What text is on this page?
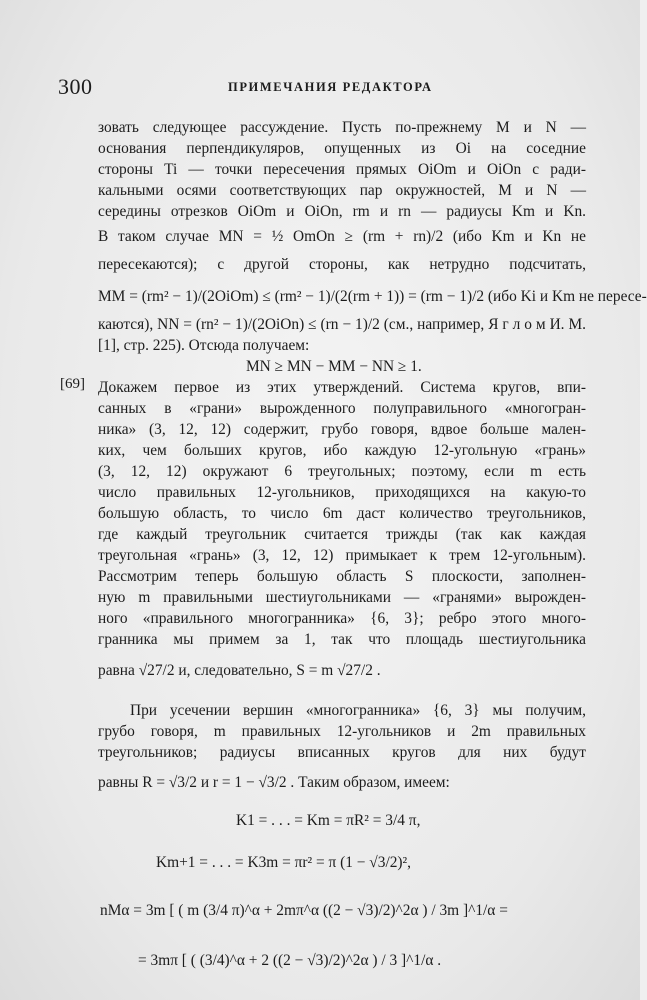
300	ПРИМЕЧАНИЯ РЕДАКТОРА
зовать следующее рассуждение. Пусть по-прежнему M и N —
основания перпендикуляров, опущенных из Oi на соседние
стороны Ti — точки пересечения прямых OiOm и OiOn с ради-
кальными осями соответствующих пар окружностей, M и N —
середины отрезков OiOm и OiOn, rm и rn — радиусы Km и Kn.
В таком случае MN = ½ OmOn ≥ (rm + rn)/2 (ибо Km и Kn не
пересекаются); с другой стороны, как нетрудно подсчитать,
MM = (rm² − 1)/(2OiOm) ≤ (rm² − 1)/(2(rm + 1)) = (rm − 1)/2 (ибо Ki и Km не пересе-
каются), NN = (rn² − 1)/(2OiOn) ≤ (rn − 1)/2 (см., например, Я г л о м И. М.
[1], стр. 225). Отсюда получаем:
MN ≥ MN − MM − NN ≥ 1.
[69] Докажем первое из этих утверждений. Система кругов, впи-
санных в «грани» вырожденного полуправильного «многогран-
ника» (3, 12, 12) содержит, грубо говоря, вдвое больше мален-
ких, чем больших кругов, ибо каждую 12-угольную «грань»
(3, 12, 12) окружают 6 треугольных; поэтому, если m есть
число правильных 12-угольников, приходящихся на какую-то
большую область, то число 6m даст количество треугольников,
где каждый треугольник считается трижды (так как каждая
треугольная «грань» (3, 12, 12) примыкает к трем 12-угольным).
Рассмотрим теперь большую область S плоскости, заполнен-
ную m правильными шестиугольниками — «гранями» вырожден-
ного «правильного многогранника» {6, 3}; ребро этого много-
гранника мы примем за 1, так что площадь шестиугольника
равна √27/2 и, следовательно, S = m √27/2 .
При усечении вершин «многогранника» {6, 3} мы получим,
грубо говоря, m правильных 12-угольников и 2m правильных
треугольников; радиусы вписанных кругов для них будут
равны R = √3/2 и r = 1 − √3/2 . Таким образом, имеем:
K1 = . . . = Km = πR² = 3/4 π,
Km+1 = . . . = K3m = πr² = π (1 − √3/2)²,
nMα = 3m [ ( m (3/4 π)^α + 2mπ^α ((2 − √3)/2)^2α ) / 3m ]^1/α =
= 3mπ [ ( (3/4)^α + 2 ((2 − √3)/2)^2α ) / 3 ]^1/α .
